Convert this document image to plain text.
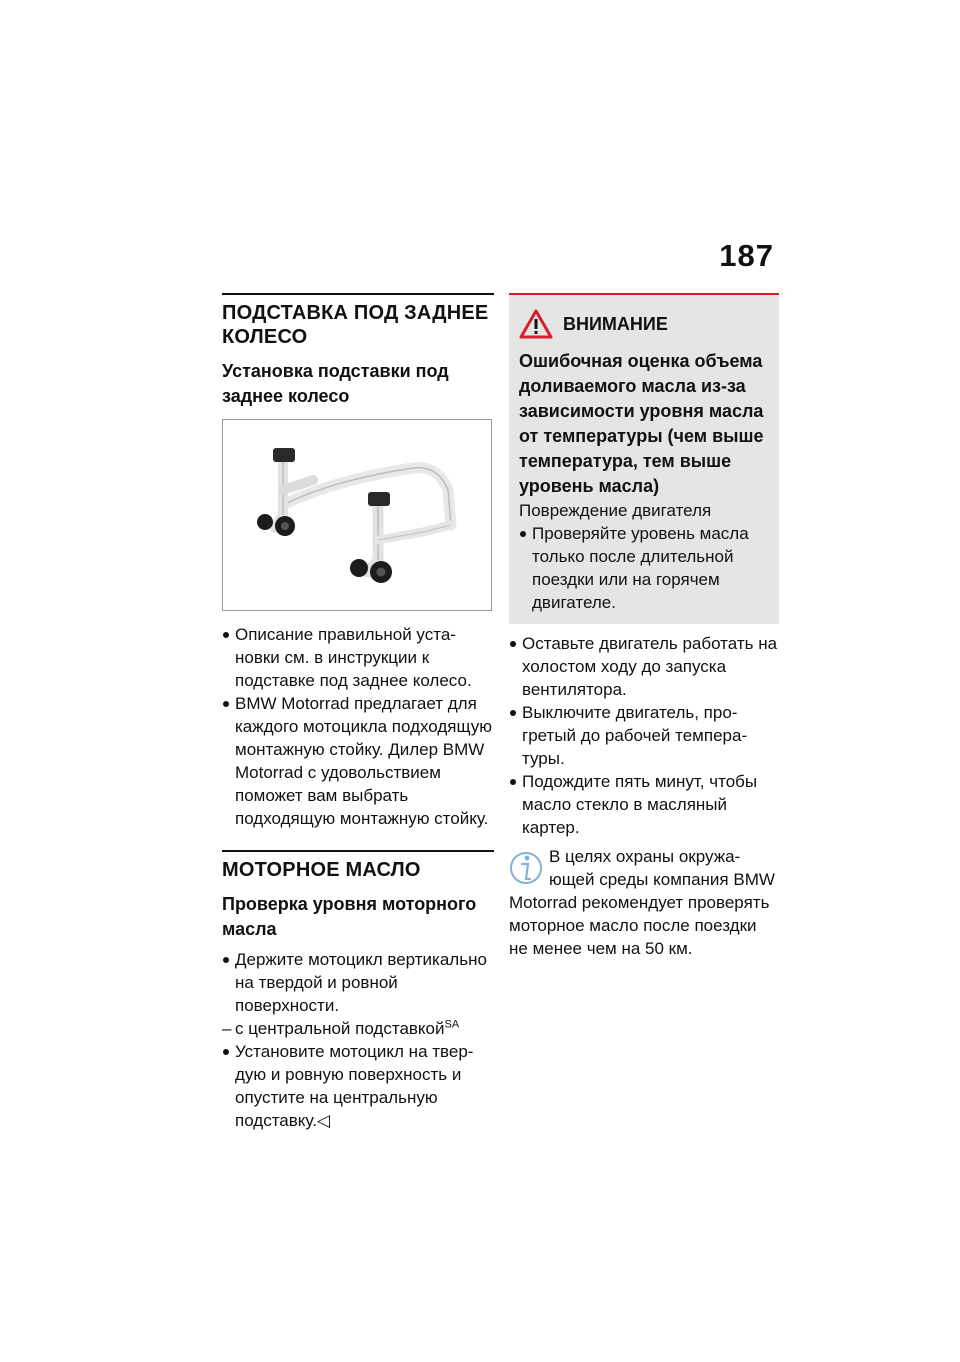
187
ПОДСТАВКА ПОД ЗАДНЕЕ КОЛЕСО
Установка подставки под заднее колесо
Описание правильной установки см. в инструкции к подставке под заднее колесо.
BMW Motorrad предлагает для каждого мотоцикла подходящую монтажную стойку. Дилер BMW Motorrad с удовольствием поможет вам выбрать подходящую монтажную стойку.
МОТОРНОЕ МАСЛО
Проверка уровня моторного масла
Держите мотоцикл вертикально на твердой и ровной поверхности.
– с центральной подставкой$^{SA}$
Установите мотоцикл на твердую и ровную поверхность и опустите на центральную подставку.◁
ВНИМАНИЕ
Ошибочная оценка объема доливаемого масла из-за зависимости уровня масла от температуры (чем выше температура, тем выше уровень масла)
Повреждение двигателя
Проверяйте уровень масла только после длительной поездки или на горячем двигателе.
Оставьте двигатель работать на холостом ходу до запуска вентилятора.
Выключите двигатель, прогретый до рабочей температуры.
Подождите пять минут, чтобы масло стекло в масляный картер.
В целях охраны окружающей среды компания BMW Motorrad рекомендует проверять моторное масло после поездки не менее чем на 50 км.
